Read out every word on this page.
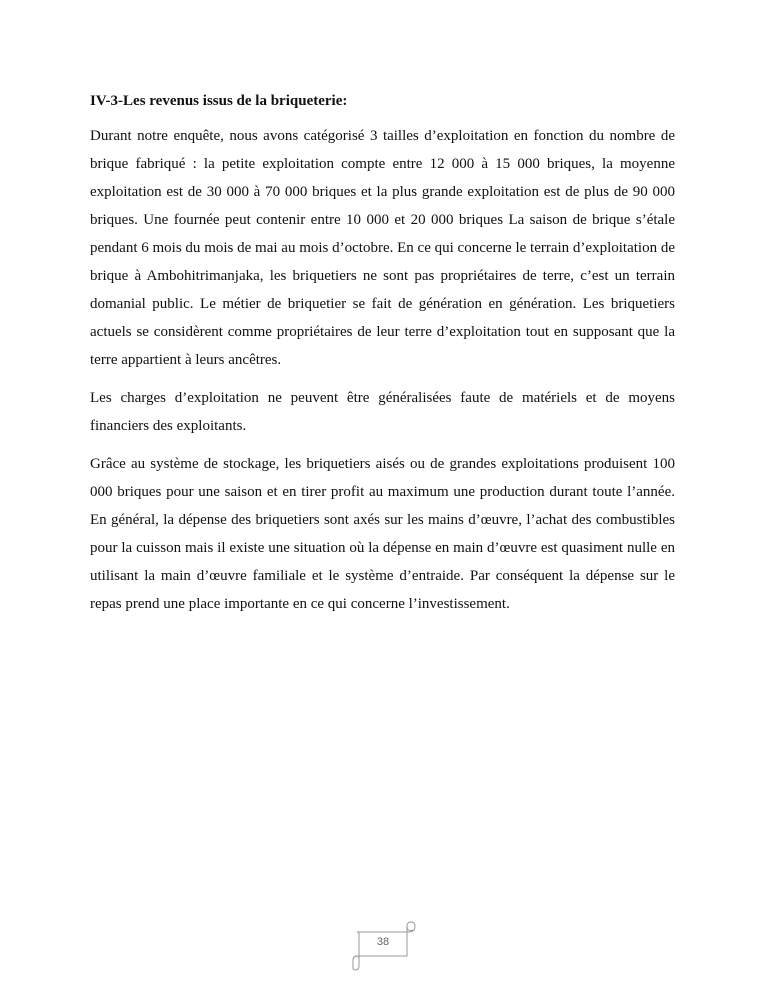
IV-3-Les revenus issus de la briqueterie:

Durant notre enquête, nous avons catégorisé 3 tailles d’exploitation en fonction du nombre de brique fabriqué : la petite exploitation compte entre 12 000 à 15 000 briques, la moyenne exploitation est de 30 000 à 70 000 briques et la plus grande exploitation est de plus de 90 000 briques. Une fournée peut contenir entre 10 000 et 20 000 briques La saison de brique s’étale pendant 6 mois du mois de mai au mois d’octobre. En ce qui concerne le terrain d’exploitation de brique à Ambohitrimanjaka, les briquetiers ne sont pas propriétaires de terre, c’est un terrain domanial public. Le métier de briquetier se fait de génération en génération. Les briquetiers actuels se considèrent comme propriétaires de leur terre d’exploitation tout en supposant que la terre appartient à leurs ancêtres.

Les charges d’exploitation ne peuvent être généralisées faute de matériels et de moyens financiers des exploitants.

Grâce au système de stockage, les briquetiers aisés ou de grandes exploitations produisent 100 000 briques pour une saison et en tirer profit au maximum une production durant toute l’année. En général, la dépense des briquetiers sont axés sur les mains d’œuvre, l’achat des combustibles pour la cuisson mais il existe une situation où la dépense en main d’œuvre est quasiment nulle en utilisant la main d’œuvre familiale et le système d’entraide. Par conséquent la dépense sur le repas prend une place importante en ce qui concerne l’investissement.

38
